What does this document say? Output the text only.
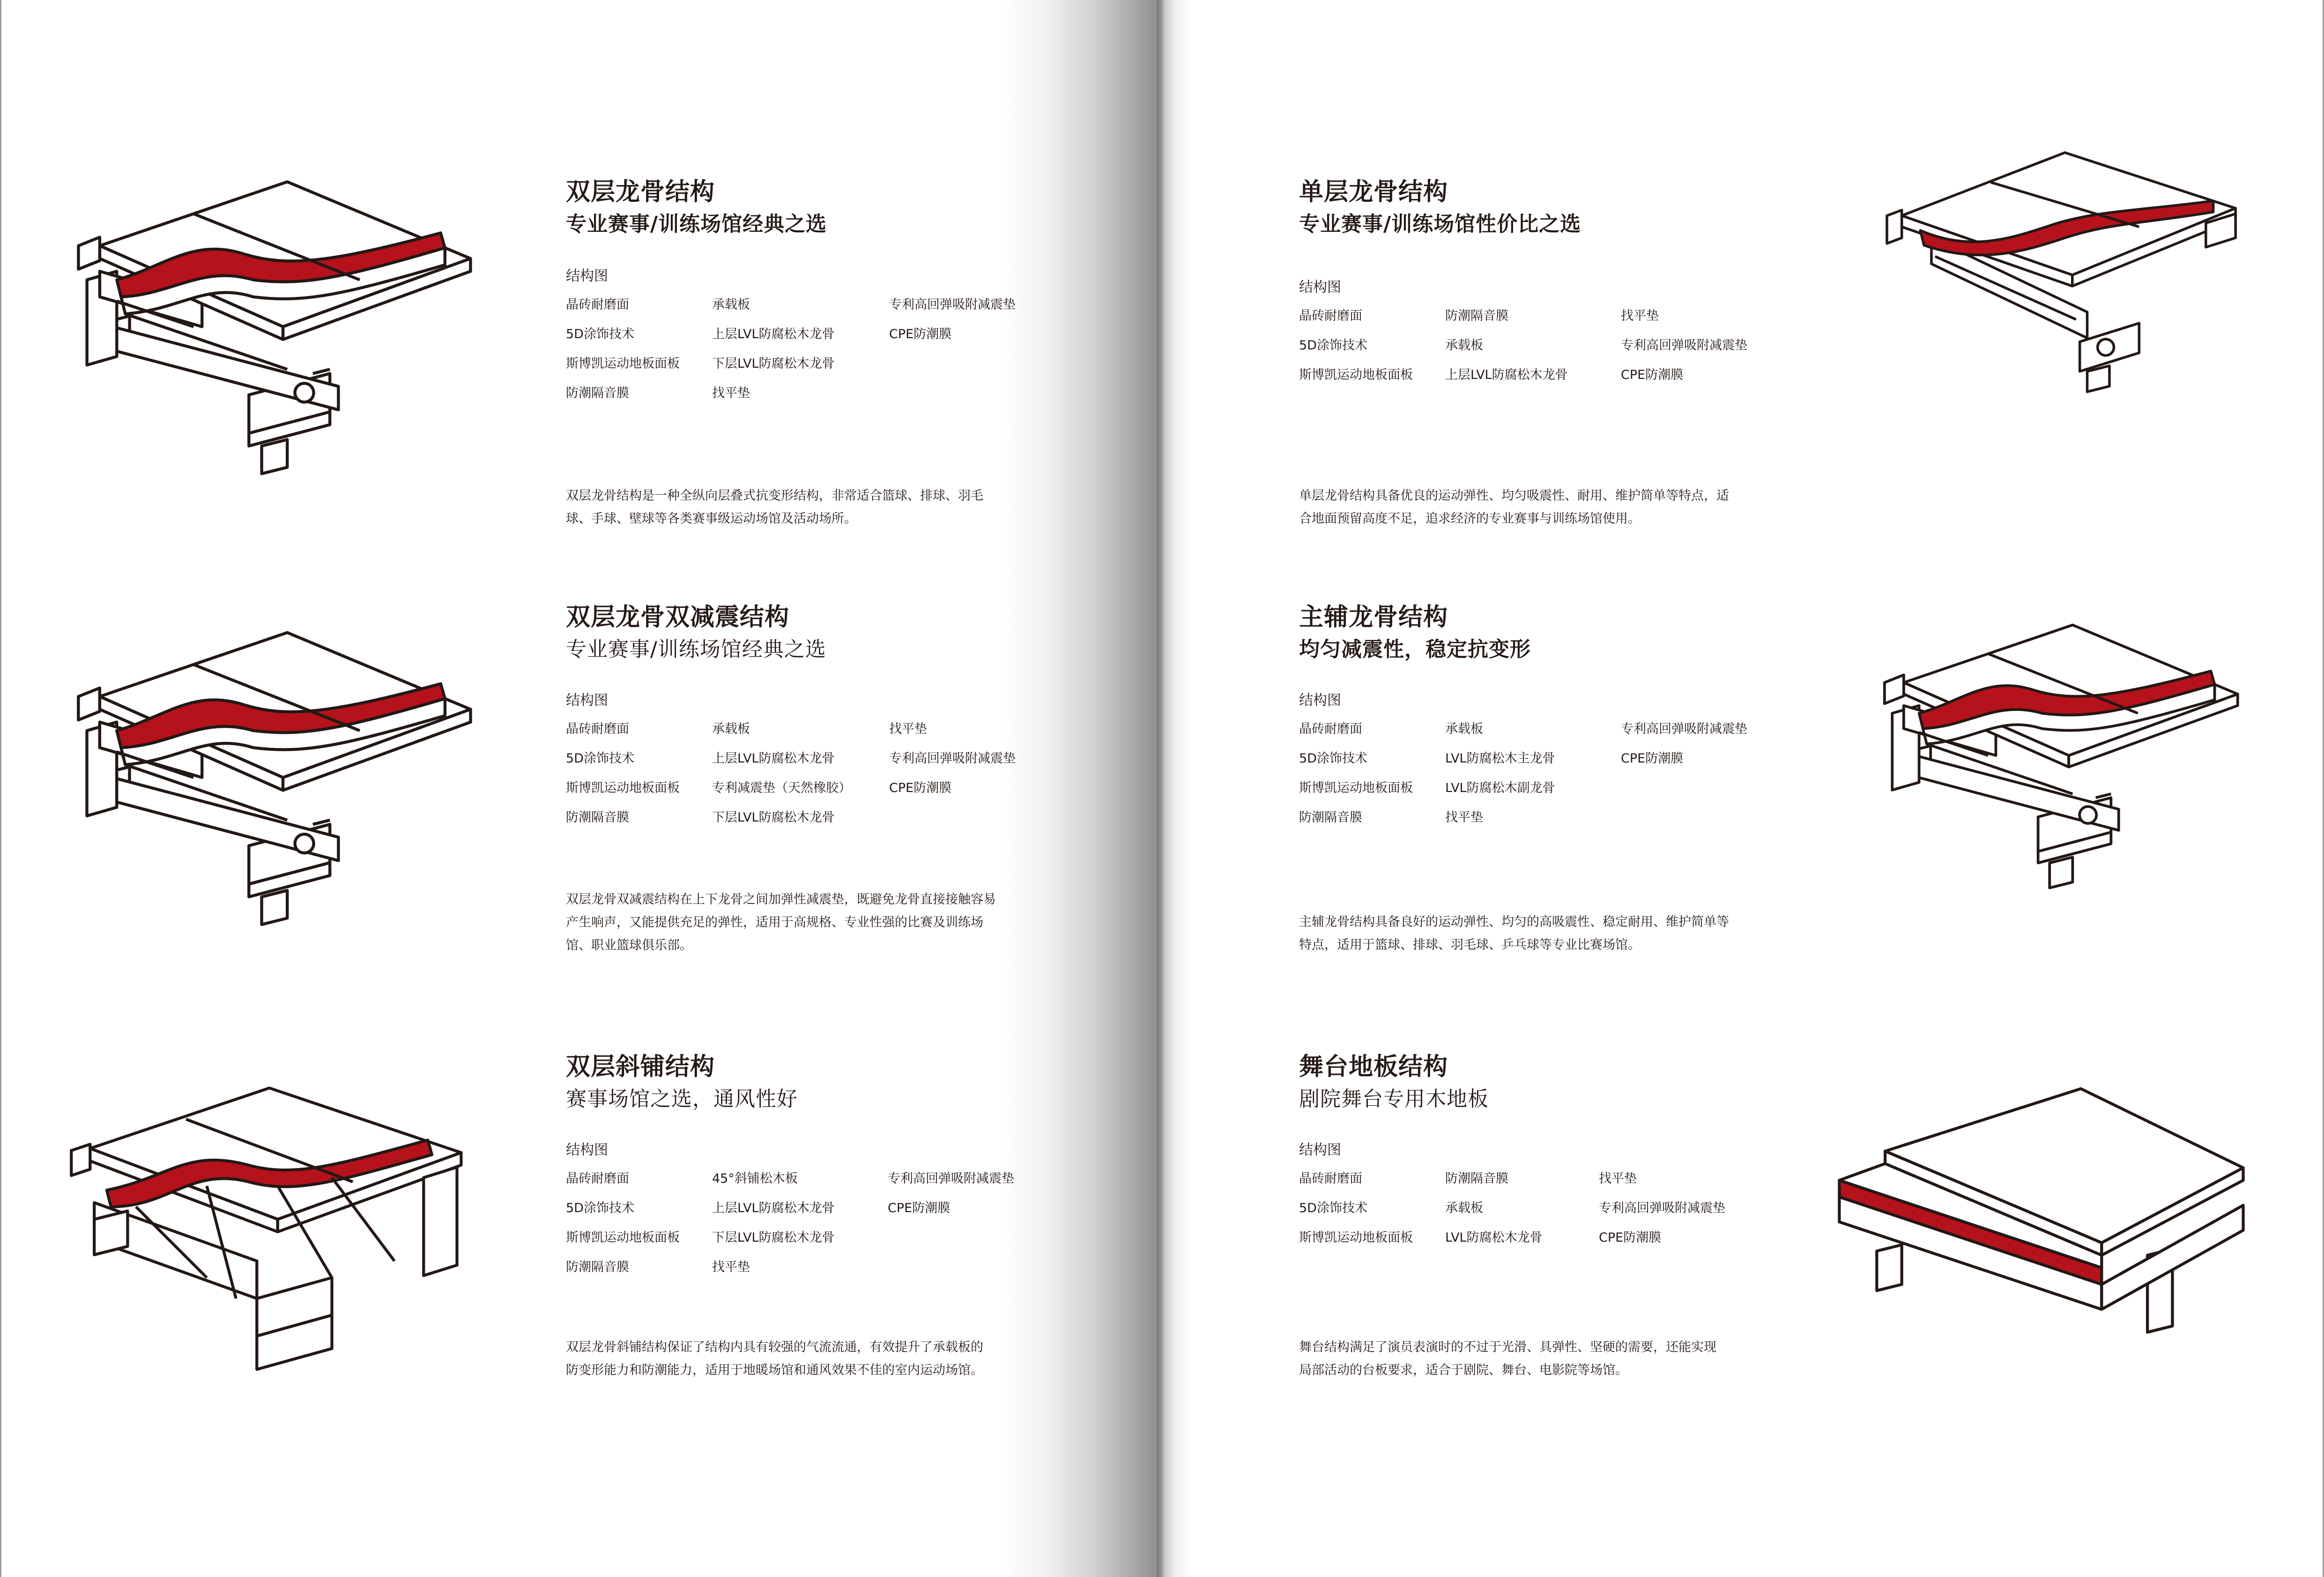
双层龙骨结构
专业赛事/训练场馆经典之选
结构图
晶砖耐磨面	承载板	专利高回弹吸附减震垫
5D涂饰技术	上层LVL防腐松木龙骨	CPE防潮膜
斯博凯运动地板面板	下层LVL防腐松木龙骨
防潮隔音膜	找平垫
双层龙骨结构是一种全纵向层叠式抗变形结构，非常适合篮球、排球、羽毛
球、手球、壁球等各类赛事级运动场馆及活动场所。
双层龙骨双减震结构
专业赛事/训练场馆经典之选
结构图
晶砖耐磨面	承载板	找平垫
5D涂饰技术	上层LVL防腐松木龙骨	专利高回弹吸附减震垫
斯博凯运动地板面板	专利减震垫（天然橡胶）	CPE防潮膜
防潮隔音膜	下层LVL防腐松木龙骨
双层龙骨双减震结构在上下龙骨之间加弹性减震垫，既避免龙骨直接接触容易
产生响声，又能提供充足的弹性，适用于高规格、专业性强的比赛及训练场
馆、职业篮球俱乐部。
双层斜铺结构
赛事场馆之选，通风性好
结构图
晶砖耐磨面	45°斜铺松木板	专利高回弹吸附减震垫
5D涂饰技术	上层LVL防腐松木龙骨	CPE防潮膜
斯博凯运动地板面板	下层LVL防腐松木龙骨
防潮隔音膜	找平垫
双层龙骨斜铺结构保证了结构内具有较强的气流流通，有效提升了承载板的
防变形能力和防潮能力，适用于地暖场馆和通风效果不佳的室内运动场馆。
单层龙骨结构
专业赛事/训练场馆性价比之选
结构图
晶砖耐磨面	防潮隔音膜	找平垫
5D涂饰技术	承载板	专利高回弹吸附减震垫
斯博凯运动地板面板	上层LVL防腐松木龙骨	CPE防潮膜
单层龙骨结构具备优良的运动弹性、均匀吸震性、耐用、维护简单等特点，适
合地面预留高度不足，追求经济的专业赛事与训练场馆使用。
主辅龙骨结构
均匀减震性，稳定抗变形
结构图
晶砖耐磨面	承载板	专利高回弹吸附减震垫
5D涂饰技术	LVL防腐松木主龙骨	CPE防潮膜
斯博凯运动地板面板	LVL防腐松木副龙骨
防潮隔音膜	找平垫
主辅龙骨结构具备良好的运动弹性、均匀的高吸震性、稳定耐用、维护简单等
特点，适用于篮球、排球、羽毛球、乒乓球等专业比赛场馆。
舞台地板结构
剧院舞台专用木地板
结构图
晶砖耐磨面	防潮隔音膜	找平垫
5D涂饰技术	承载板	专利高回弹吸附减震垫
斯博凯运动地板面板	LVL防腐松木龙骨	CPE防潮膜
舞台结构满足了演员表演时的不过于光滑、具弹性、坚硬的需要，还能实现
局部活动的台板要求，适合于剧院、舞台、电影院等场馆。
